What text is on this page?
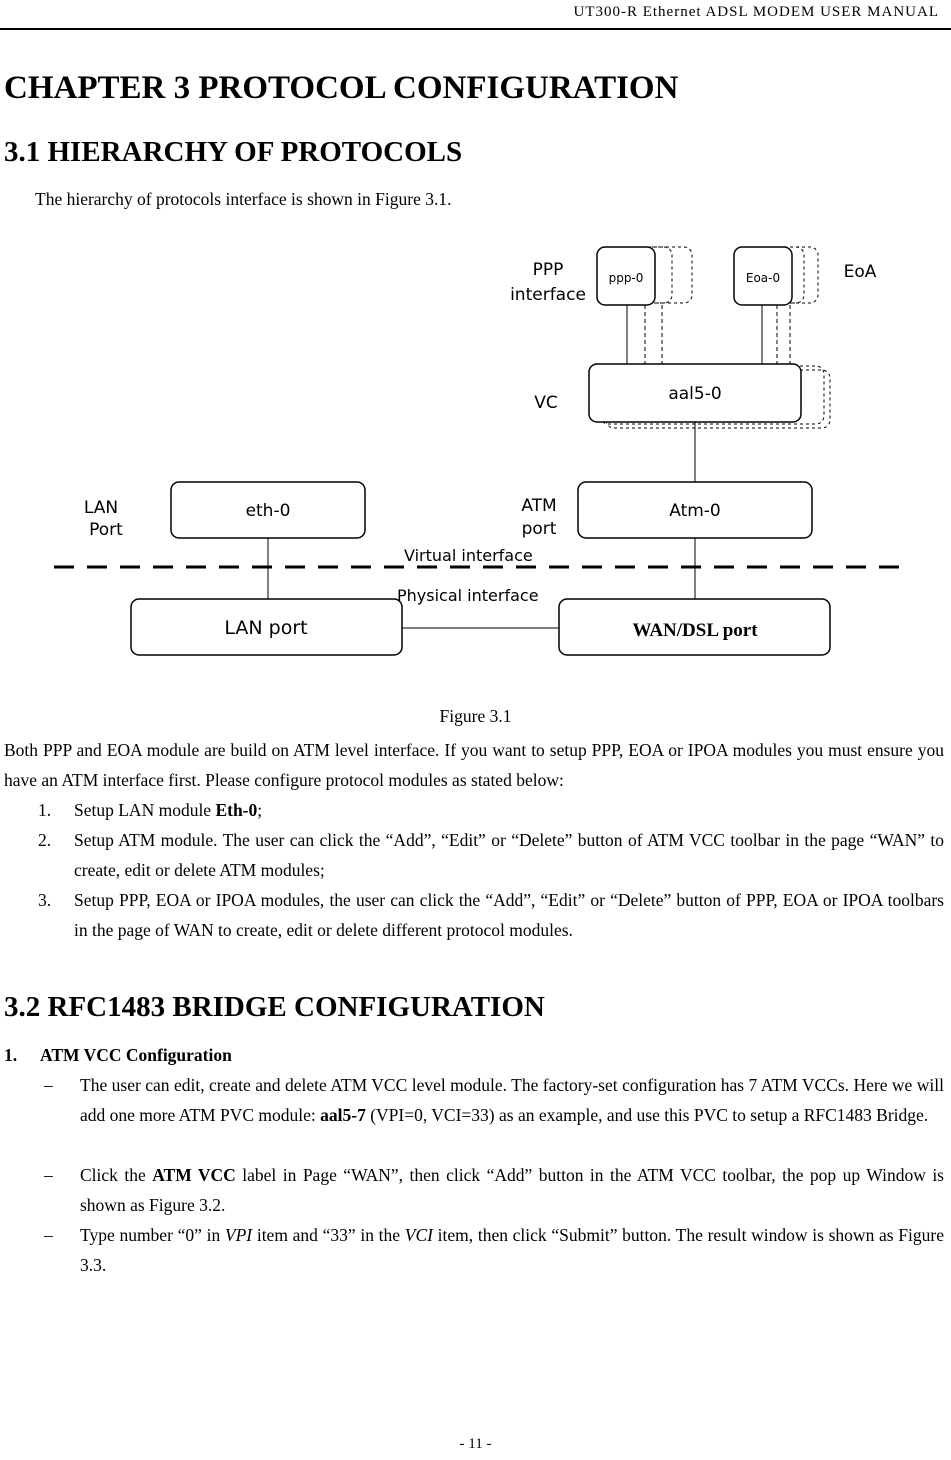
UT300-R Ethernet ADSL MODEM USER MANUAL
CHAPTER 3 PROTOCOL CONFIGURATION
3.1 HIERARCHY OF PROTOCOLS

The hierarchy of protocols interface is shown in Figure 3.1.

ppp-0	Eoa-0
aal5-0
eth-0	Atm-0
LAN port	WAN/DSL port
PPP
interface
EoA
VC
LAN
Port
ATM
port
Virtual interface
Physical interface
Figure 3.1

Both PPP and EOA module are build on ATM level interface. If you want to setup PPP, EOA or IPOA modules you must ensure you have an ATM interface first. Please configure protocol modules as stated below:

1. Setup LAN module Eth-0;
2. Setup ATM module. The user can click the “Add”, “Edit” or “Delete” button of ATM VCC toolbar in the page “WAN” to create, edit or delete ATM modules;
3. Setup PPP, EOA or IPOA modules, the user can click the “Add”, “Edit” or “Delete” button of PPP, EOA or IPOA toolbars in the page of WAN to create, edit or delete different protocol modules.
3.2 RFC1483 BRIDGE CONFIGURATION
1. ATM VCC Configuration
– The user can edit, create and delete ATM VCC level module. The factory-set configuration has 7 ATM VCCs. Here we will add one more ATM PVC module: aal5-7 (VPI=0, VCI=33) as an example, and use this PVC to setup a RFC1483 Bridge.
– Click the ATM VCC label in Page “WAN”, then click “Add” button in the ATM VCC toolbar, the pop up Window is shown as Figure 3.2.
– Type number “0” in VPI item and “33” in the VCI item, then click “Submit” button. The result window is shown as Figure 3.3.
- 11 -
